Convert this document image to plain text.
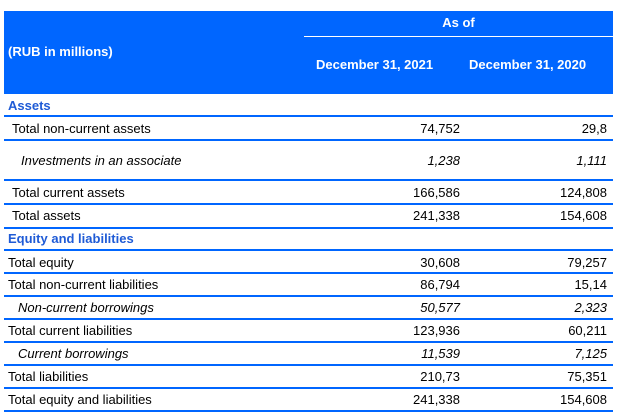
(RUB in millions)
As of
December 31, 2021	December 31, 2020
Assets
Total non-current assets	74,752	29,8
Investments in an associate	1,238	1,111
Total current assets	166,586	124,808
Total assets	241,338	154,608
Equity and liabilities
Total equity	30,608	79,257
Total non-current liabilities	86,794	15,14
Non-current borrowings	50,577	2,323
Total current liabilities	123,936	60,211
Current borrowings	11,539	7,125
Total liabilities	210,73	75,351
Total equity and liabilities	241,338	154,608
